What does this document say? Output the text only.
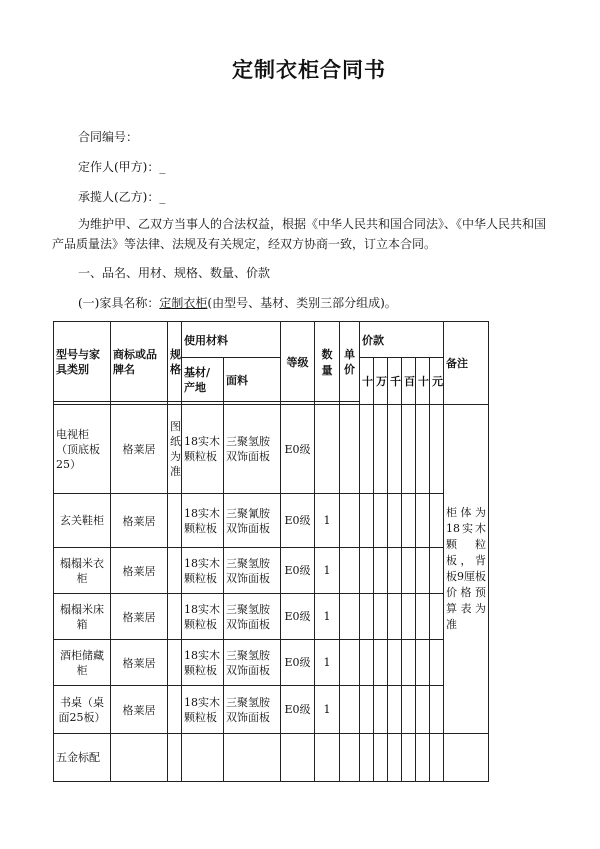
定制衣柜合同书
合同编号：
定作人(甲方)：_
承揽人(乙方)：_
为维护甲、乙双方当事人的合法权益，根据《中华人民共和国合同法》、《中华人民共和国产品质量法》等法律、法规及有关规定，经双方协商一致，订立本合同。
一、品名、用材、规格、数量、价款
(一)家具名称：定制衣柜(由型号、基材、类别三部分组成)。
型号与家具类别	商标或品牌名	规格	使用材料		等级	数量	单价	价款						备注
			基材/产地	面料				十	万	千	百	十	元	

电视柜（顶底板25）	格莱居	图纸为准	18实木颗粒板	三聚氢胺双饰面板	E0级									柜体为18实木颗粒板，背板9厘板价格预算表为准
玄关鞋柜	格莱居		18实木颗粒板	三聚氰胺双饰面板	E0级	1								
榻榻米衣柜	格莱居		18实木颗粒板	三聚氢胺双饰面板	E0级	1								
榻榻米床箱	格莱居		18实木颗粒板	三聚氢胺双饰面板	E0级	1								
酒柜储藏柜	格莱居		18实木颗粒板	三聚氢胺双饰面板	E0级	1								
书桌（桌面25板）	格莱居		18实木颗粒板	三聚氢胺双饰面板	E0级	1								
五金标配														
